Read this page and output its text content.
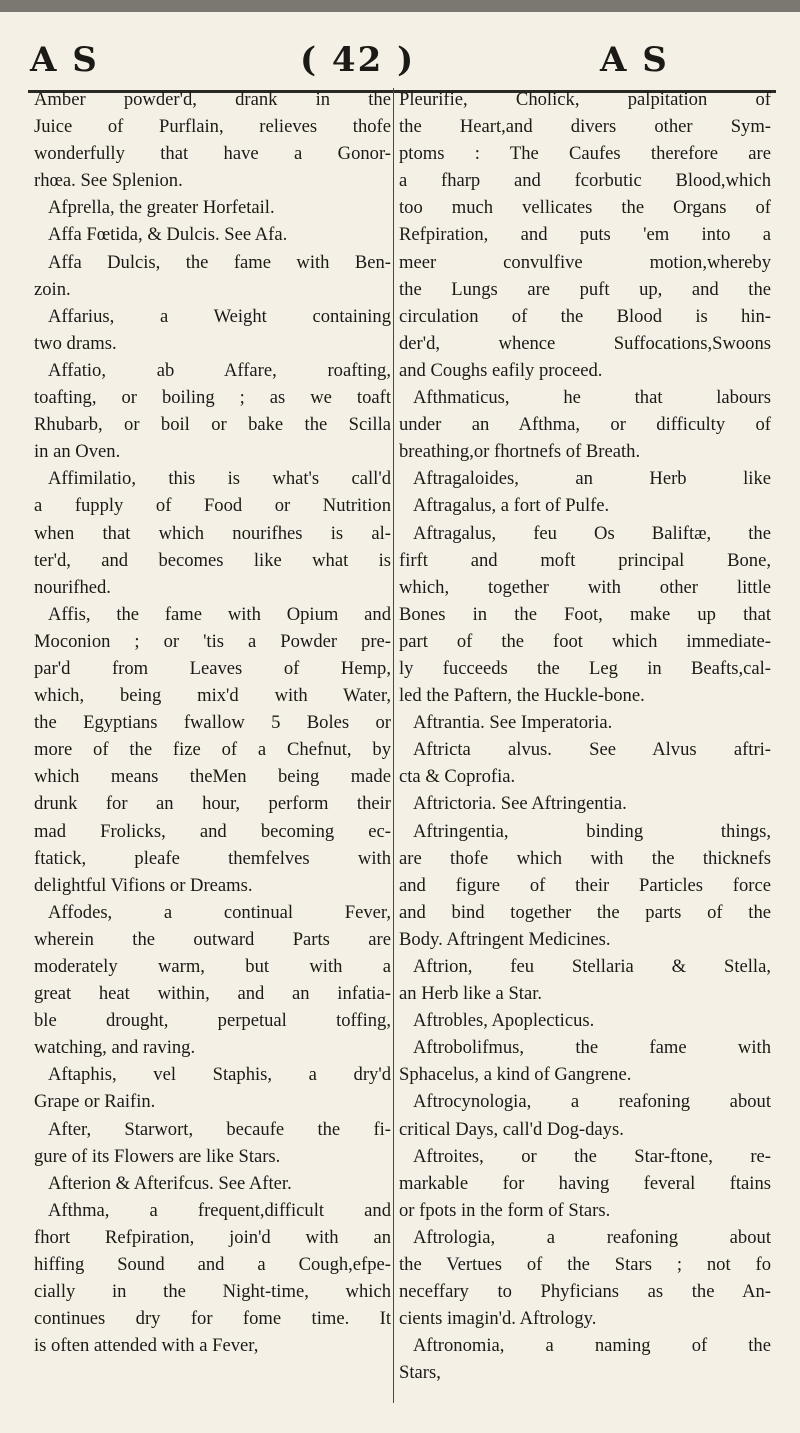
A S	( 42 )	A S
Amber powder'd, drank in the
Juice of Purflain, relieves thofe
wonderfully that have a Gonor-
rhœa. See Splenion.
Afprella, the greater Horfetail.
Affa Fœtida, & Dulcis. See Afa.
Affa Dulcis, the fame with Ben-
zoin.
Affarius, a Weight containing
two drams.
Affatio, ab Affare, roafting,
toafting, or boiling ; as we toaft
Rhubarb, or boil or bake the Scilla
in an Oven.
Affimilatio, this is what's call'd
a fupply of Food or Nutrition
when that which nourifhes is al-
ter'd, and becomes like what is
nourifhed.
Affis, the fame with Opium and
Moconion ; or 'tis a Powder pre-
par'd from Leaves of Hemp,
which, being mix'd with Water,
the Egyptians fwallow 5 Boles or
more of the fize of a Chefnut, by
which means theMen being made
drunk for an hour, perform their
mad Frolicks, and becoming ec-
ftatick, pleafe themfelves with
delightful Vifions or Dreams.
Affodes, a continual Fever,
wherein the outward Parts are
moderately warm, but with a
great heat within, and an infatia-
ble drought, perpetual toffing,
watching, and raving.
Aftaphis, vel Staphis, a dry'd
Grape or Raifin.
After, Starwort, becaufe the fi-
gure of its Flowers are like Stars.
Afterion & Afterifcus. See After.
Afthma, a frequent,difficult and
fhort Refpiration, join'd with an
hiffing Sound and a Cough,efpe-
cially in the Night-time, which
continues dry for fome time. It
is often attended with a Fever,
Pleurifie, Cholick, palpitation of
the Heart,and divers other Sym-
ptoms : The Caufes therefore are
a fharp and fcorbutic Blood,which
too much vellicates the Organs of
Refpiration, and puts 'em into a
meer convulfive motion,whereby
the Lungs are puft up, and the
circulation of the Blood is hin-
der'd, whence Suffocations,Swoons
and Coughs eafily proceed.
Afthmaticus, he that labours
under an Afthma, or difficulty of
breathing,or fhortnefs of Breath.
Aftragaloides, an Herb like
Aftragalus, a fort of Pulfe.
Aftragalus, feu Os Baliftæ, the
firft and moft principal Bone,
which, together with other little
Bones in the Foot, make up that
part of the foot which immediate-
ly fucceeds the Leg in Beafts,cal-
led the Paftern, the Huckle-bone.
Aftrantia. See Imperatoria.
Aftricta alvus. See Alvus aftri-
cta & Coprofia.
Aftrictoria. See Aftringentia.
Aftringentia, binding things,
are thofe which with the thicknefs
and figure of their Particles force
and bind together the parts of the
Body. Aftringent Medicines.
Aftrion, feu Stellaria & Stella,
an Herb like a Star.
Aftrobles, Apoplecticus.
Aftrobolifmus, the fame with
Sphacelus, a kind of Gangrene.
Aftrocynologia, a reafoning about
critical Days, call'd Dog-days.
Aftroites, or the Star-ftone, re-
markable for having feveral ftains
or fpots in the form of Stars.
Aftrologia, a reafoning about
the Vertues of the Stars ; not fo
neceffary to Phyficians as the An-
cients imagin'd. Aftrology.
Aftronomia, a naming of the
Stars,
